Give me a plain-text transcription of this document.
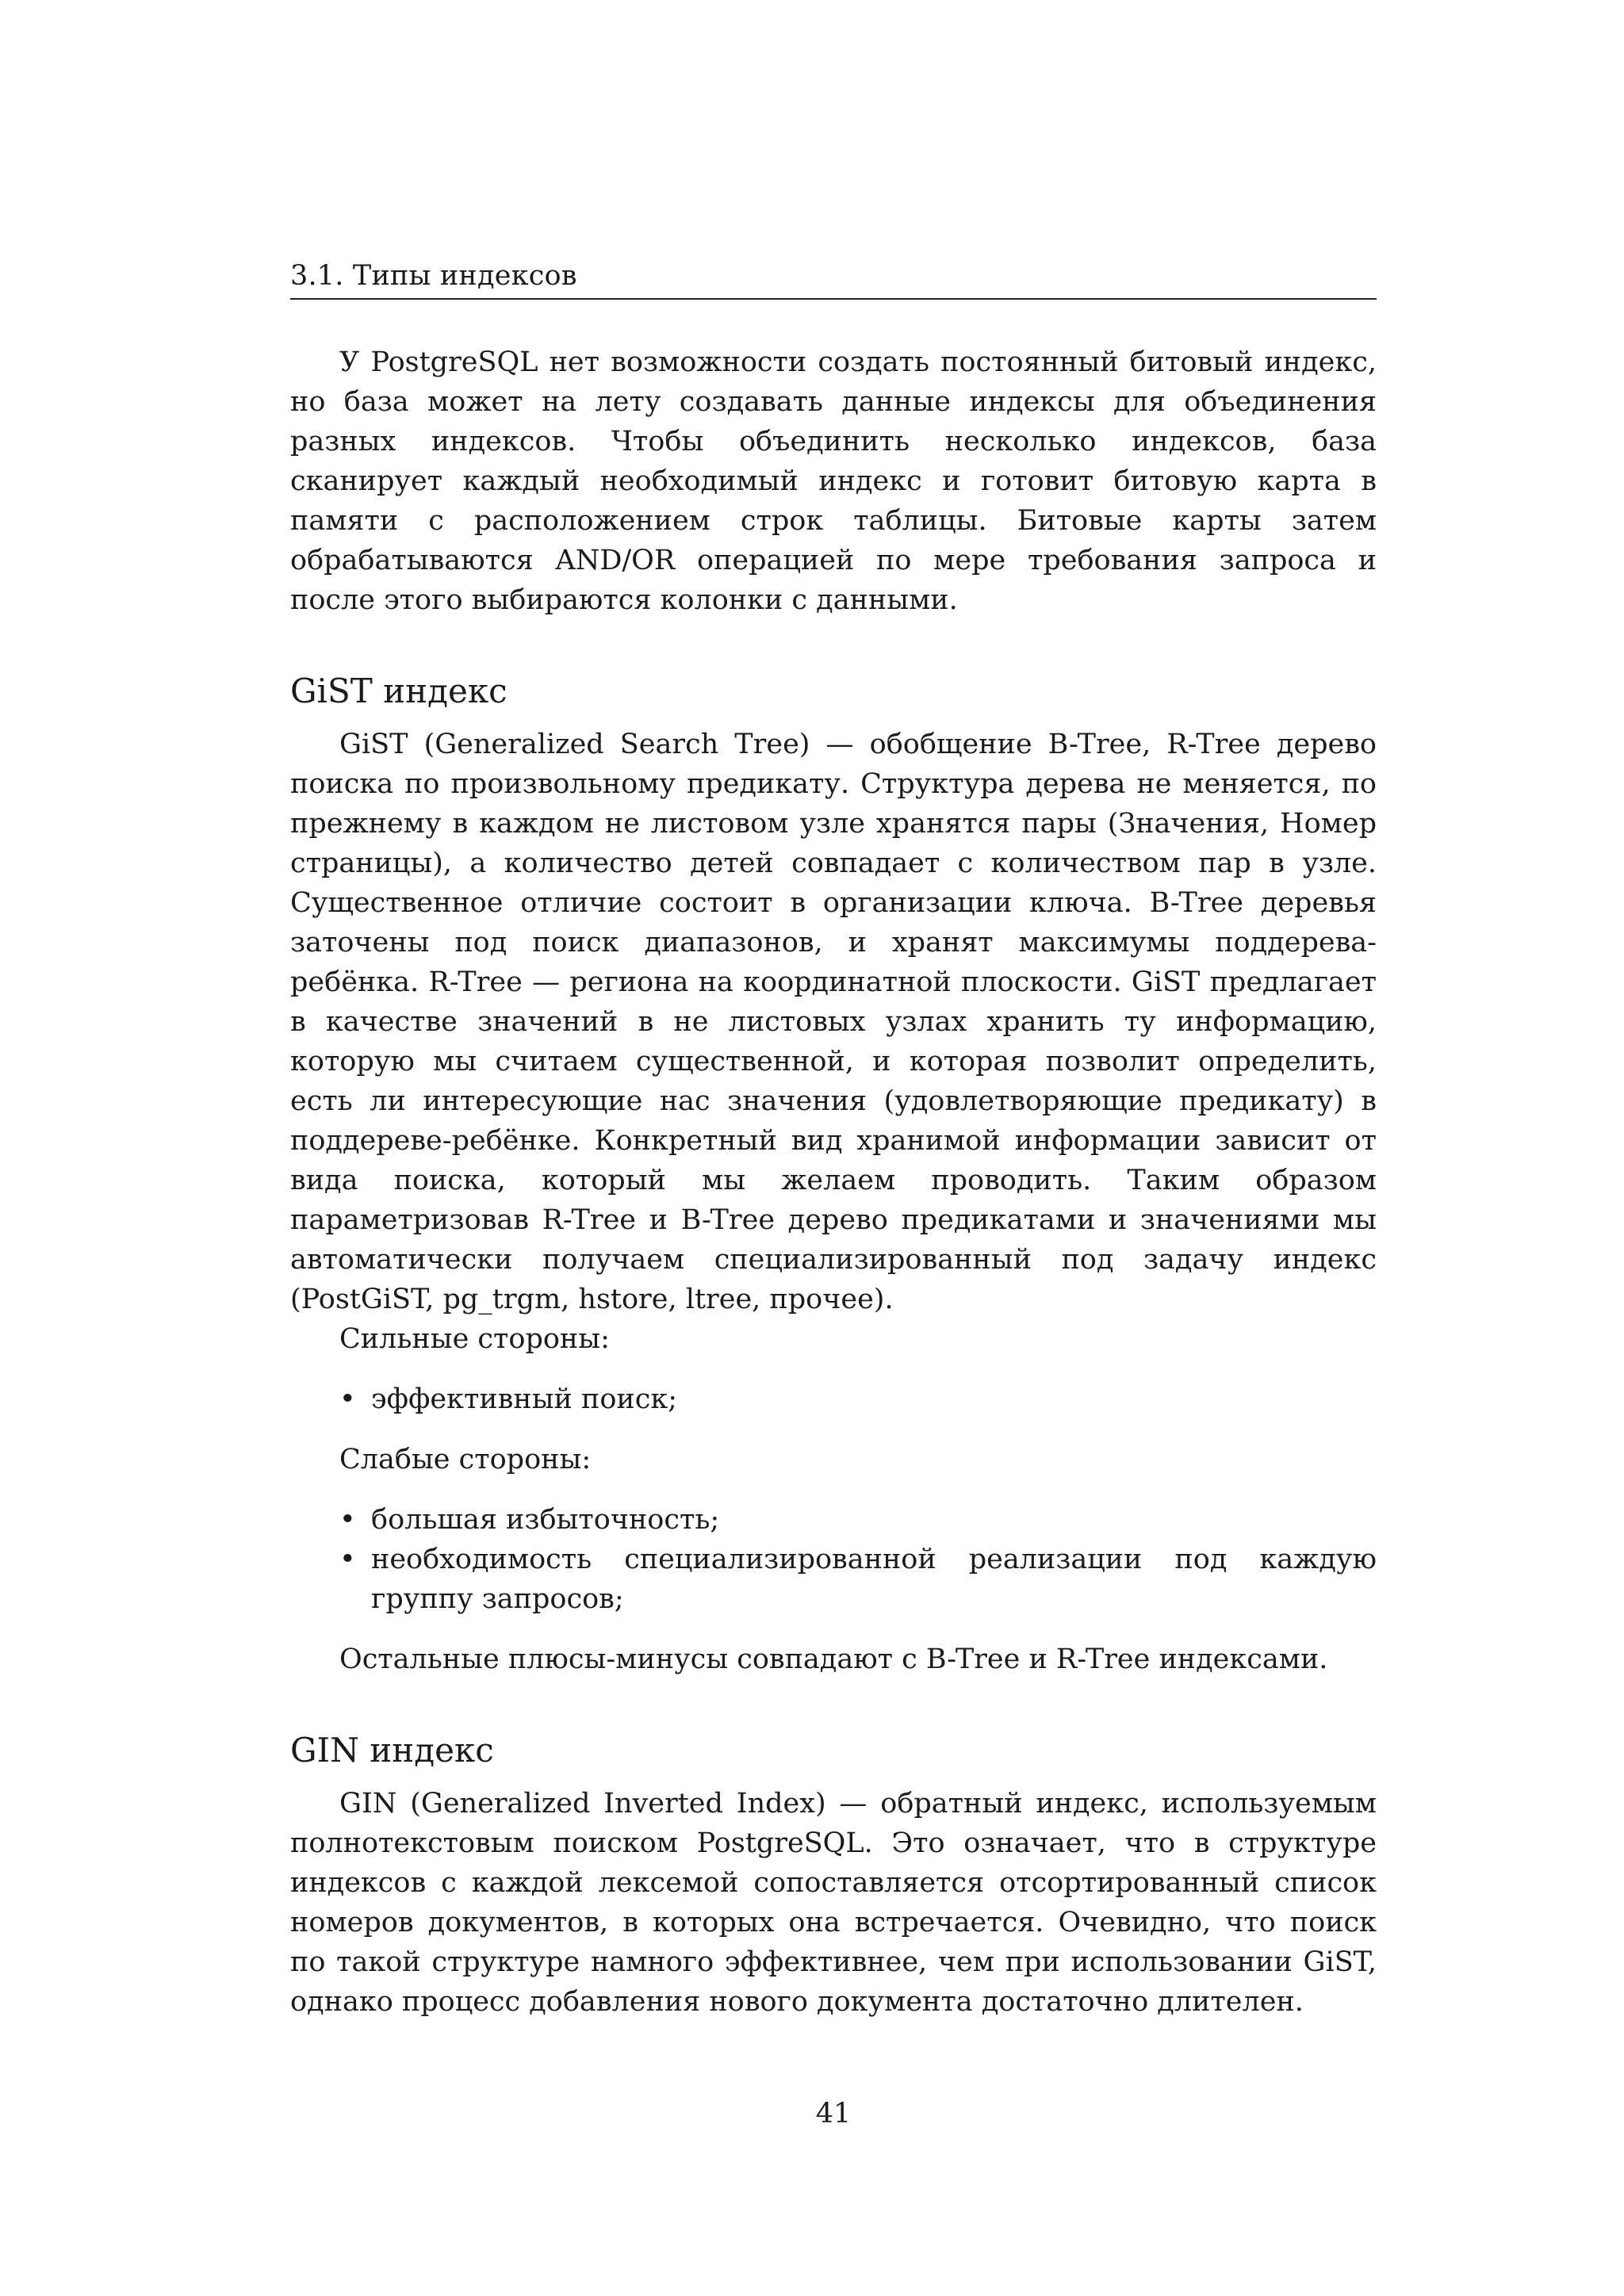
3.1. Типы индексов

У PostgreSQL нет возможности создать постоянный битовый индекс, но база может на лету создавать данные индексы для объединения разных индексов. Чтобы объединить несколько индексов, база сканирует каждый необходимый индекс и готовит битовую карта в памяти с расположением строк таблицы. Битовые карты затем обрабатываются AND/OR операцией по мере требования запроса и после этого выбираются колонки с данными.

GiST индекс

GiST (Generalized Search Tree) — обобщение B-Tree, R-Tree дерево поиска по произвольному предикату. Структура дерева не меняется, по прежнему в каждом не листовом узле хранятся пары (Значения, Номер страницы), а количество детей совпадает с количеством пар в узле. Существенное отличие состоит в организации ключа. B-Tree деревья заточены под поиск диапазонов, и хранят максимумы поддерева-ребёнка. R-Tree — региона на координатной плоскости. GiST предлагает в качестве значений в не листовых узлах хранить ту информацию, которую мы считаем существенной, и которая позволит определить, есть ли интересующие нас значения (удовлетворяющие предикату) в поддереве-ребёнке. Конкретный вид хранимой информации зависит от вида поиска, который мы желаем проводить. Таким образом параметризовав R-Tree и B-Tree дерево предикатами и значениями мы автоматически получаем специализированный под задачу индекс (PostGiST, pg_trgm, hstore, ltree, прочее).

Сильные стороны:

• эффективный поиск;

Слабые стороны:

• большая избыточность;
• необходимость специализированной реализации под каждую группу запросов;

Остальные плюсы-минусы совпадают с B-Tree и R-Tree индексами.

GIN индекс

GIN (Generalized Inverted Index) — обратный индекс, используемым полнотекстовым поиском PostgreSQL. Это означает, что в структуре индексов с каждой лексемой сопоставляется отсортированный список номеров документов, в которых она встречается. Очевидно, что поиск по такой структуре намного эффективнее, чем при использовании GiST, однако процесс добавления нового документа достаточно длителен.

41
